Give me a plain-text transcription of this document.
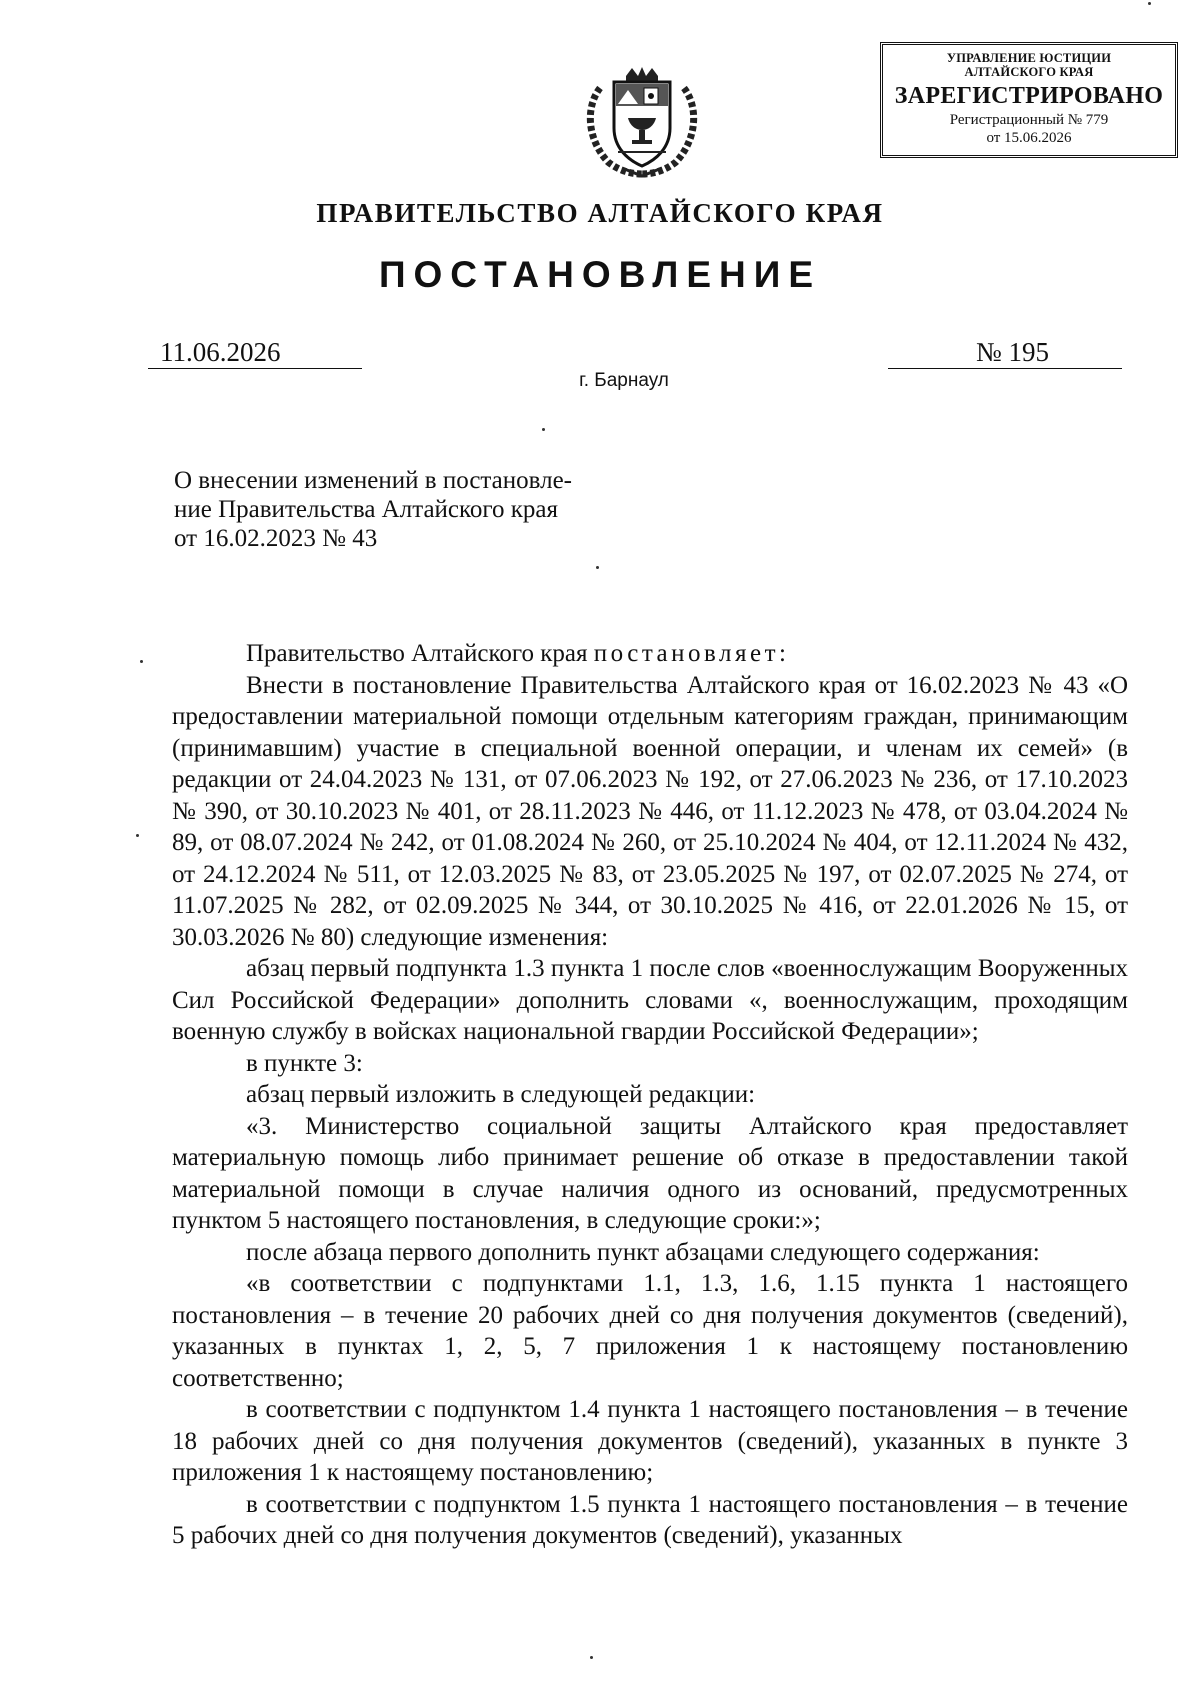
УПРАВЛЕНИЕ ЮСТИЦИИ
АЛТАЙСКОГО КРАЯ
ЗАРЕГИСТРИРОВАНО
Регистрационный № 779
от 15.06.2026
ПРАВИТЕЛЬСТВО АЛТАЙСКОГО КРАЯ
ПОСТАНОВЛЕНИЕ
11.06.2026	№ 195
г. Барнаул
О внесении изменений в постановле-
ние Правительства Алтайского края
от 16.02.2023 № 43

Правительство Алтайского края постановляет:

Внести в постановление Правительства Алтайского края от 16.02.2023 № 43 «О предоставлении материальной помощи отдельным категориям граждан, принимающим (принимавшим) участие в специальной военной операции, и членам их семей» (в редакции от 24.04.2023 № 131, от 07.06.2023 № 192, от 27.06.2023 № 236, от 17.10.2023 № 390, от 30.10.2023 № 401, от 28.11.2023 № 446, от 11.12.2023 № 478, от 03.04.2024 № 89, от 08.07.2024 № 242, от 01.08.2024 № 260, от 25.10.2024 № 404, от 12.11.2024 № 432, от 24.12.2024 № 511, от 12.03.2025 № 83, от 23.05.2025 № 197, от 02.07.2025 № 274, от 11.07.2025 № 282, от 02.09.2025 № 344, от 30.10.2025 № 416, от 22.01.2026 № 15, от 30.03.2026 № 80) следующие изменения:

абзац первый подпункта 1.3 пункта 1 после слов «военнослужащим Вооруженных Сил Российской Федерации» дополнить словами «, военнослужащим, проходящим военную службу в войсках национальной гвардии Российской Федерации»;

в пункте 3:

абзац первый изложить в следующей редакции:

«3. Министерство социальной защиты Алтайского края предоставляет материальную помощь либо принимает решение об отказе в предоставлении такой материальной помощи в случае наличия одного из оснований, предусмотренных пунктом 5 настоящего постановления, в следующие сроки:»;

после абзаца первого дополнить пункт абзацами следующего содержания:

«в соответствии с подпунктами 1.1, 1.3, 1.6, 1.15 пункта 1 настоящего постановления – в течение 20 рабочих дней со дня получения документов (сведений), указанных в пунктах 1, 2, 5, 7 приложения 1 к настоящему постановлению соответственно;

в соответствии с подпунктом 1.4 пункта 1 настоящего постановления – в течение 18 рабочих дней со дня получения документов (сведений), указанных в пункте 3 приложения 1 к настоящему постановлению;

в соответствии с подпунктом 1.5 пункта 1 настоящего постановления – в течение 5 рабочих дней со дня получения документов (сведений), указанных
